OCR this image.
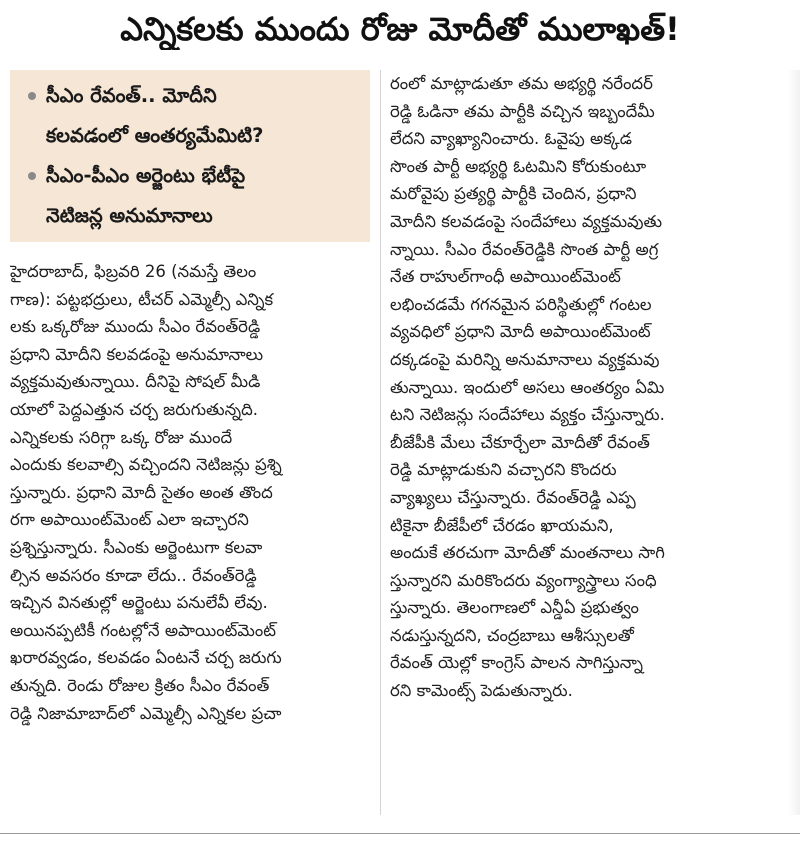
ఎన్నికలకు ముందు రోజు మోదీతో ములాఖత్!
సీఎం రేవంత్.. మోదీని
కలవడంలో ఆంతర్యమేమిటి?
సీఎం-పీఎం అర్జెంటు భేటీపై
నెటిజన్ల అనుమానాలు
హైదరాబాద్, ఫిబ్రవరి 26 (నమస్తే తెలం
గాణ): పట్టభద్రులు, టీచర్ ఎమ్మెల్సీ ఎన్నిక
లకు ఒక్కరోజు ముందు సీఎం రేవంత్‌రెడ్డి
ప్రధాని మోదీని కలవడంపై అనుమానాలు
వ్యక్తమవుతున్నాయి. దీనిపై సోషల్ మీడి
యాలో పెద్దఎత్తున చర్చ జరుగుతున్నది.
ఎన్నికలకు సరిగ్గా ఒక్క రోజు ముందే
ఎందుకు కలవాల్సి వచ్చిందని నెటిజన్లు ప్రశ్ని
స్తున్నారు. ప్రధాని మోదీ సైతం అంత తొంద
రగా అపాయింట్‌మెంట్ ఎలా ఇచ్చారని
ప్రశ్నిస్తున్నారు. సీఎంకు అర్జెంటుగా కలవా
ల్సిన అవసరం కూడా లేదు.. రేవంత్‌రెడ్డి
ఇచ్చిన వినతుల్లో అర్జెంటు పనులేవీ లేవు.
అయినప్పటికీ గంటల్లోనే అపాయింట్‌మెంట్
ఖరారవ్వడం, కలవడం ఏంటనే చర్చ జరుగు
తున్నది. రెండు రోజుల క్రితం సీఎం రేవంత్
రెడ్డి నిజామాబాద్‌లో ఎమ్మెల్సీ ఎన్నికల ప్రచా
రంలో మాట్లాడుతూ తమ అభ్యర్థి నరేందర్
రెడ్డి ఓడినా తమ పార్టీకి వచ్చిన ఇబ్బందేమీ
లేదని వ్యాఖ్యానించారు. ఓవైపు అక్కడ
సొంత పార్టీ అభ్యర్థి ఓటమిని కోరుకుంటూ
మరోవైపు ప్రత్యర్థి పార్టీకి చెందిన, ప్రధాని
మోదీని కలవడంపై సందేహాలు వ్యక్తమవుతు
న్నాయి. సీఎం రేవంత్‌రెడ్డికి సొంత పార్టీ అగ్ర
నేత రాహుల్‌గాంధీ అపాయింట్‌మెంట్
లభించడమే గగనమైన పరిస్థితుల్లో గంటల
వ్యవధిలో ప్రధాని మోదీ అపాయింట్‌మెంట్
దక్కడంపై మరిన్ని అనుమానాలు వ్యక్తమవు
తున్నాయి. ఇందులో అసలు ఆంతర్యం ఏమి
టని నెటిజన్లు సందేహాలు వ్యక్తం చేస్తున్నారు.
బీజేపీకి మేలు చేకూర్చేలా మోదీతో రేవంత్
రెడ్డి మాట్లాడుకుని వచ్చారని కొందరు
వ్యాఖ్యలు చేస్తున్నారు. రేవంత్‌రెడ్డి ఎప్ప
టికైనా బీజేపీలో చేరడం ఖాయమని,
అందుకే తరచుగా మోదీతో మంతనాలు సాగి
స్తున్నారని మరికొందరు వ్యంగ్యాస్త్రాలు సంధి
స్తున్నారు. తెలంగాణలో ఎన్డీఏ ప్రభుత్వం
నడుస్తున్నదని, చంద్రబాబు ఆశీస్సులతో
రేవంత్ యెల్లో కాంగ్రెస్ పాలన సాగిస్తున్నా
రని కామెంట్స్ పెడుతున్నారు.
